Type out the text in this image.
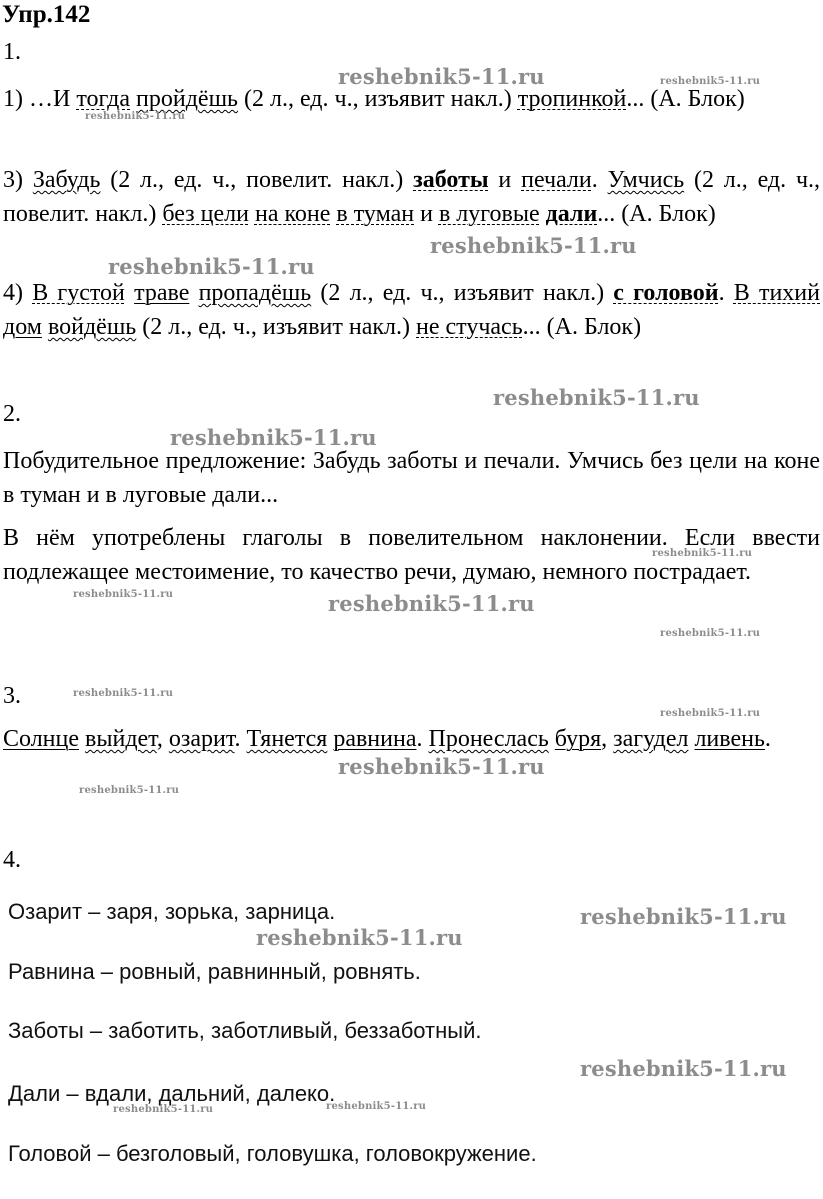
Упр.142
1.

1) …И тогда пройдёшь (2 л., ед. ч., изъявит накл.) тропинкой... (А. Блок)

3) Забудь (2 л., ед. ч., повелит. накл.) заботы и печали. Умчись (2 л., ед. ч., повелит. накл.) без цели на коне в туман и в луговые дали... (А. Блок)

4) В густой траве пропадёшь (2 л., ед. ч., изъявит накл.) с головой. В тихий дом войдёшь (2 л., ед. ч., изъявит накл.) не стучась... (А. Блок)

2.

Побудительное предложение: Забудь заботы и печали. Умчись без цели на коне в туман и в луговые дали...

В нём употреблены глаголы в повелительном наклонении. Если ввести подлежащее местоимение, то качество речи, думаю, немного пострадает.

3.

Солнце выйдет, озарит. Тянется равнина. Пронеслась буря, загудел ливень.

4.
Озарит – заря, зорька, зарница.
Равнина – ровный, равнинный, ровнять.
Заботы – заботить, заботливый, беззаботный.
Дали – вдали, дальний, далеко.
Головой – безголовый, головушка, головокружение.
reshebnik5-11.ru	reshebnik5-11.ru
reshebnik5-11.ru
reshebnik5-11.ru
reshebnik5-11.ru
reshebnik5-11.ru
reshebnik5-11.ru
reshebnik5-11.ru
reshebnik5-11.ru	reshebnik5-11.ru
reshebnik5-11.ru
reshebnik5-11.ru
reshebnik5-11.ru
reshebnik5-11.ru
reshebnik5-11.ru
reshebnik5-11.ru
reshebnik5-11.ru
reshebnik5-11.ru
reshebnik5-11.ru	reshebnik5-11.ru
